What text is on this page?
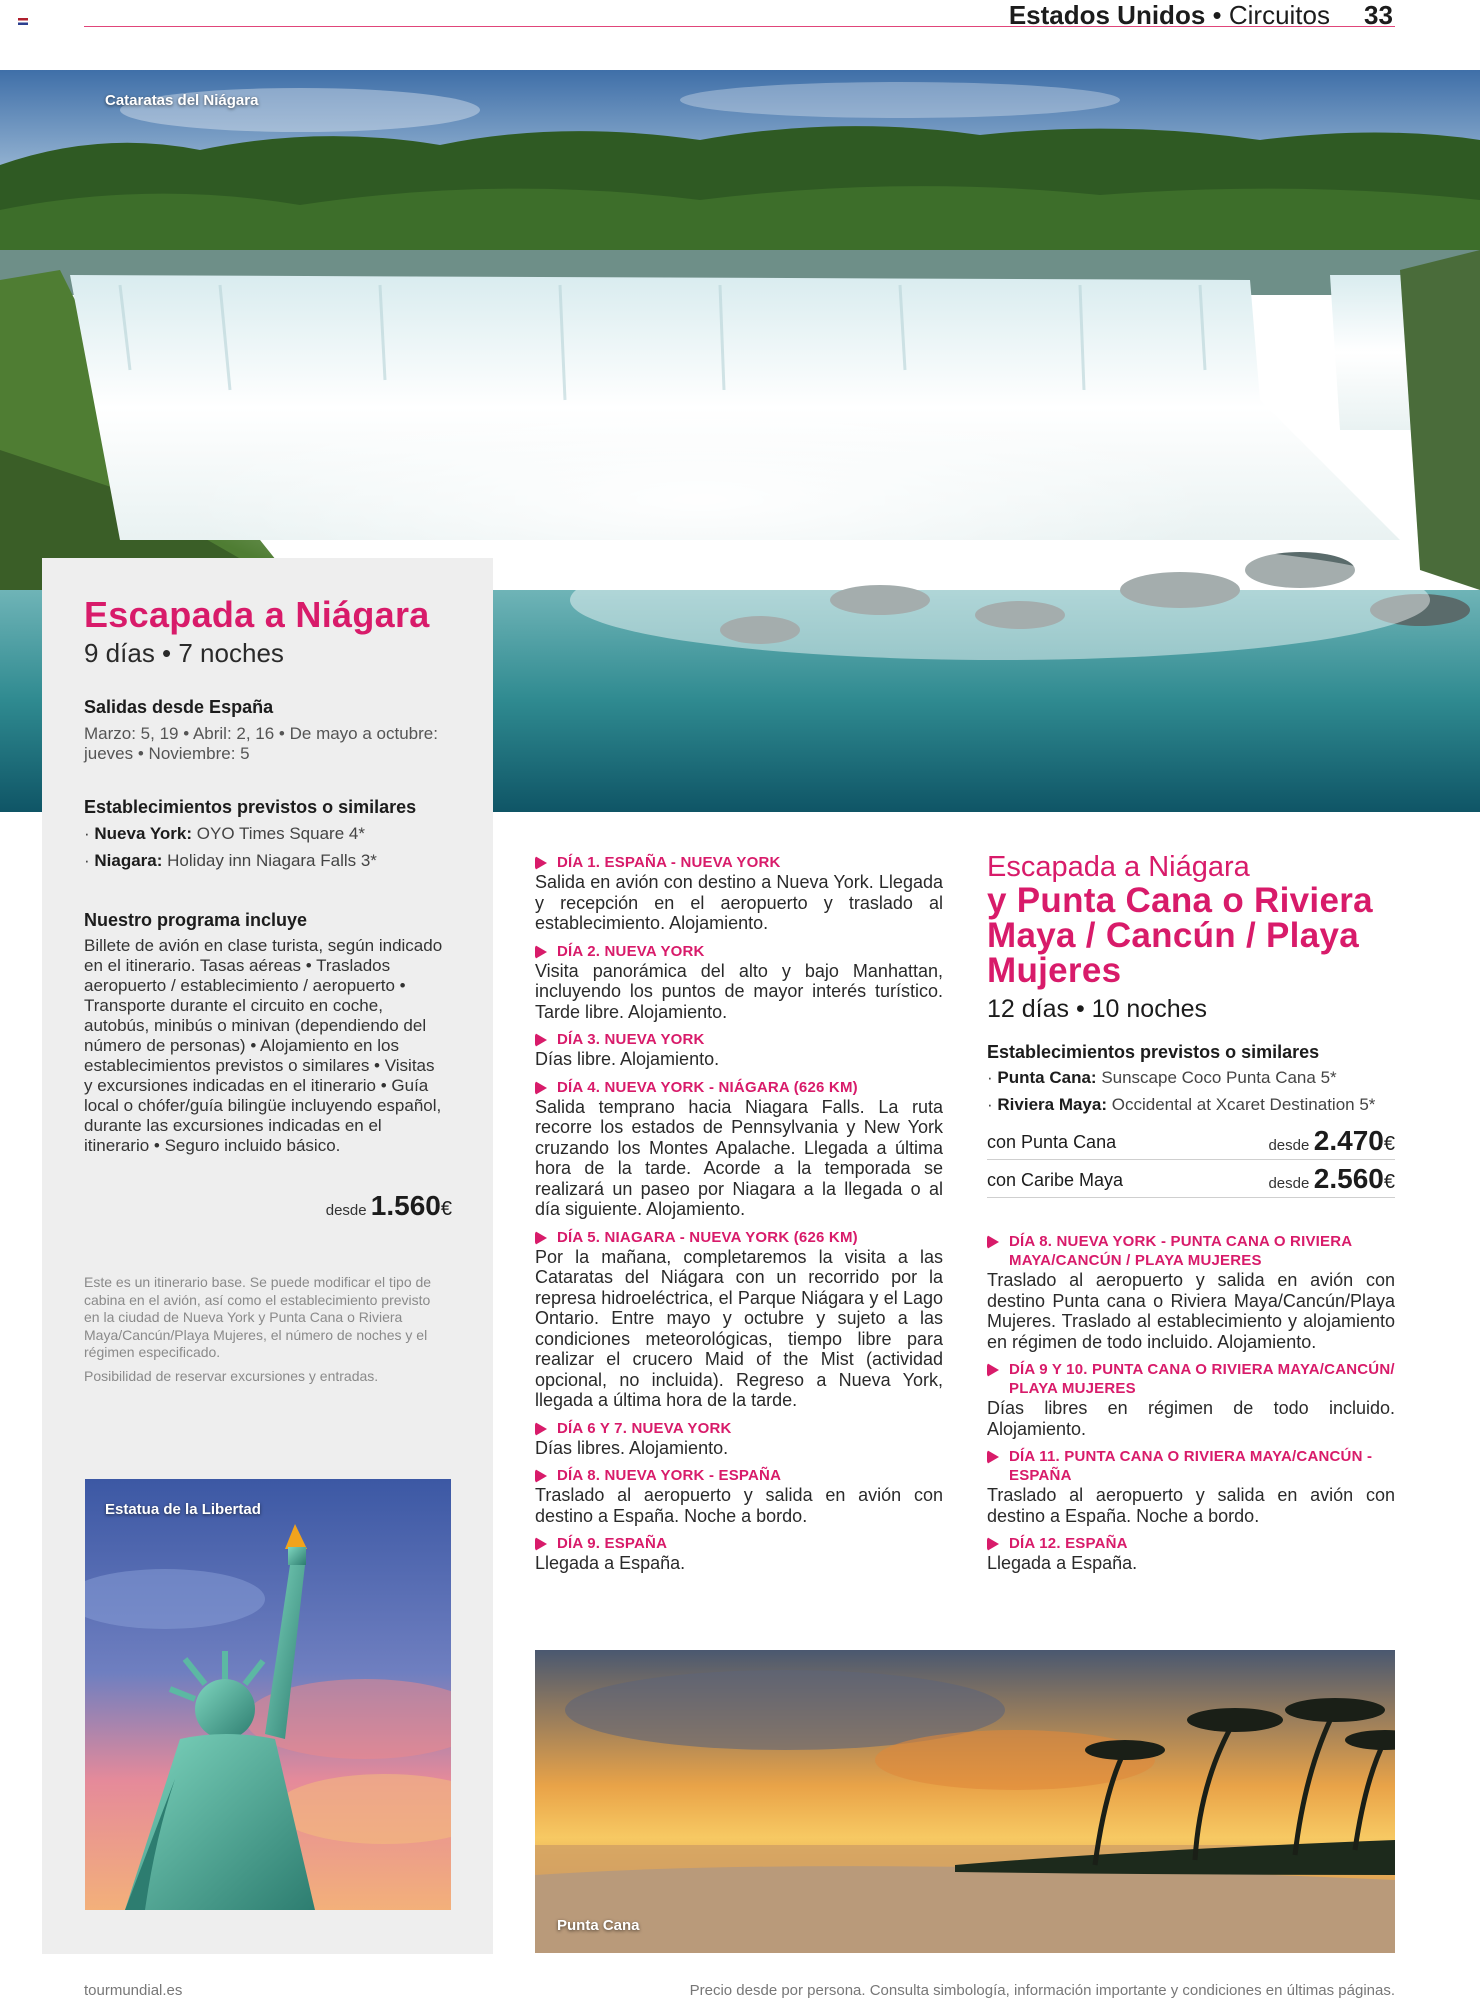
Estados Unidos • Circuitos 33
Cataratas del Niágara
Escapada a Niágara
9 días • 7 noches
Salidas desde España
Marzo: 5, 19 • Abril: 2, 16 • De mayo a octubre: jueves • Noviembre: 5
Establecimientos previstos o similares
· Nueva York: OYO Times Square 4*
· Niagara: Holiday inn Niagara Falls 3*
Nuestro programa incluye
Billete de avión en clase turista, según indicado en el itinerario. Tasas aéreas • Traslados aeropuerto / establecimiento / aeropuerto • Transporte durante el circuito en coche, autobús, minibús o minivan (dependiendo del número de personas) • Alojamiento en los establecimientos previstos o similares • Visitas y excursiones indicadas en el itinerario • Guía local o chófer/guía bilingüe incluyendo español, durante las excursiones indicadas en el itinerario • Seguro incluido básico.
desde 1.560€
Este es un itinerario base. Se puede modificar el tipo de cabina en el avión, así como el establecimiento previsto en la ciudad de Nueva York y Punta Cana o Riviera Maya/Cancún/Playa Mujeres, el número de noches y el régimen especificado.
Posibilidad de reservar excursiones y entradas.
Estatua de la Libertad
DÍA 1. ESPAÑA - NUEVA YORK
Salida en avión con destino a Nueva York. Llegada y recepción en el aeropuerto y traslado al establecimiento. Alojamiento.
DÍA 2. NUEVA YORK
Visita panorámica del alto y bajo Manhattan, incluyendo los puntos de mayor interés turístico. Tarde libre. Alojamiento.
DÍA 3. NUEVA YORK
Días libre. Alojamiento.
DÍA 4. NUEVA YORK - NIÁGARA (626 KM)
Salida temprano hacia Niagara Falls. La ruta recorre los estados de Pennsylvania y New York cruzando los Montes Apalache. Llegada a última hora de la tarde. Acorde a la temporada se realizará un paseo por Niagara a la llegada o al día siguiente. Alojamiento.
DÍA 5. NIAGARA - NUEVA YORK (626 KM)
Por la mañana, completaremos la visita a las Cataratas del Niágara con un recorrido por la represa hidroeléctrica, el Parque Niágara y el Lago Ontario. Entre mayo y octubre y sujeto a las condiciones meteorológicas, tiempo libre para realizar el crucero Maid of the Mist (actividad opcional, no incluida). Regreso a Nueva York, llegada a última hora de la tarde.
DÍA 6 Y 7. NUEVA YORK
Días libres. Alojamiento.
DÍA 8. NUEVA YORK - ESPAÑA
Traslado al aeropuerto y salida en avión con destino a España. Noche a bordo.
DÍA 9. ESPAÑA
Llegada a España.
Escapada a Niágara
y Punta Cana o Riviera Maya / Cancún / Playa Mujeres
12 días • 10 noches
Establecimientos previstos o similares
· Punta Cana: Sunscape Coco Punta Cana 5*
· Riviera Maya: Occidental at Xcaret Destination 5*
con Punta Cana	desde 2.470€
con Caribe Maya	desde 2.560€
DÍA 8. NUEVA YORK - PUNTA CANA O RIVIERA MAYA/CANCÚN / PLAYA MUJERES
Traslado al aeropuerto y salida en avión con destino Punta cana o Riviera Maya/Cancún/Playa Mujeres. Traslado al establecimiento y alojamiento en régimen de todo incluido. Alojamiento.
DÍA 9 Y 10. PUNTA CANA O RIVIERA MAYA/CANCÚN/ PLAYA MUJERES
Días libres en régimen de todo incluido. Alojamiento.
DÍA 11. PUNTA CANA O RIVIERA MAYA/CANCÚN - ESPAÑA
Traslado al aeropuerto y salida en avión con destino a España. Noche a bordo.
DÍA 12. ESPAÑA
Llegada a España.
Punta Cana
tourmundial.es	Precio desde por persona. Consulta simbología, información importante y condiciones en últimas páginas.
